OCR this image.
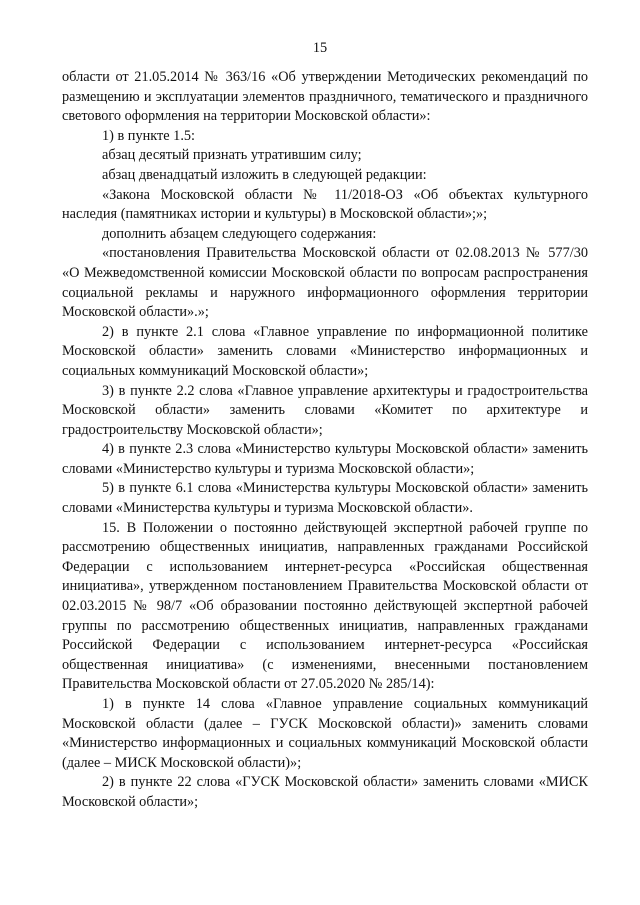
15

области от 21.05.2014 № 363/16 «Об утверждении Методических рекомендаций по размещению и эксплуатации элементов праздничного, тематического и праздничного светового оформления на территории Московской области»:

1) в пункте 1.5:

абзац десятый признать утратившим силу;

абзац двенадцатый изложить в следующей редакции:

«Закона Московской области № 11/2018-ОЗ «Об объектах культурного наследия (памятниках истории и культуры) в Московской области»;»;

дополнить абзацем следующего содержания:

«постановления Правительства Московской области от 02.08.2013 № 577/30 «О Межведомственной комиссии Московской области по вопросам распространения социальной рекламы и наружного информационного оформления территории Московской области».»;

2) в пункте 2.1 слова «Главное управление по информационной политике Московской области» заменить словами «Министерство информационных и социальных коммуникаций Московской области»;

3) в пункте 2.2 слова «Главное управление архитектуры и градостроительства Московской области» заменить словами «Комитет по архитектуре и градостроительству Московской области»;

4) в пункте 2.3 слова «Министерство культуры Московской области» заменить словами «Министерство культуры и туризма Московской области»;

5) в пункте 6.1 слова «Министерства культуры Московской области» заменить словами «Министерства культуры и туризма Московской области».

15. В Положении о постоянно действующей экспертной рабочей группе по рассмотрению общественных инициатив, направленных гражданами Российской Федерации с использованием интернет-ресурса «Российская общественная инициатива», утвержденном постановлением Правительства Московской области от 02.03.2015 № 98/7 «Об образовании постоянно действующей экспертной рабочей группы по рассмотрению общественных инициатив, направленных гражданами Российской Федерации с использованием интернет-ресурса «Российская общественная инициатива» (с изменениями, внесенными постановлением Правительства Московской области от 27.05.2020 № 285/14):

1) в пункте 14 слова «Главное управление социальных коммуникаций Московской области (далее – ГУСК Московской области)» заменить словами «Министерство информационных и социальных коммуникаций Московской области (далее – МИСК Московской области)»;

2) в пункте 22 слова «ГУСК Московской области» заменить словами «МИСК Московской области»;
